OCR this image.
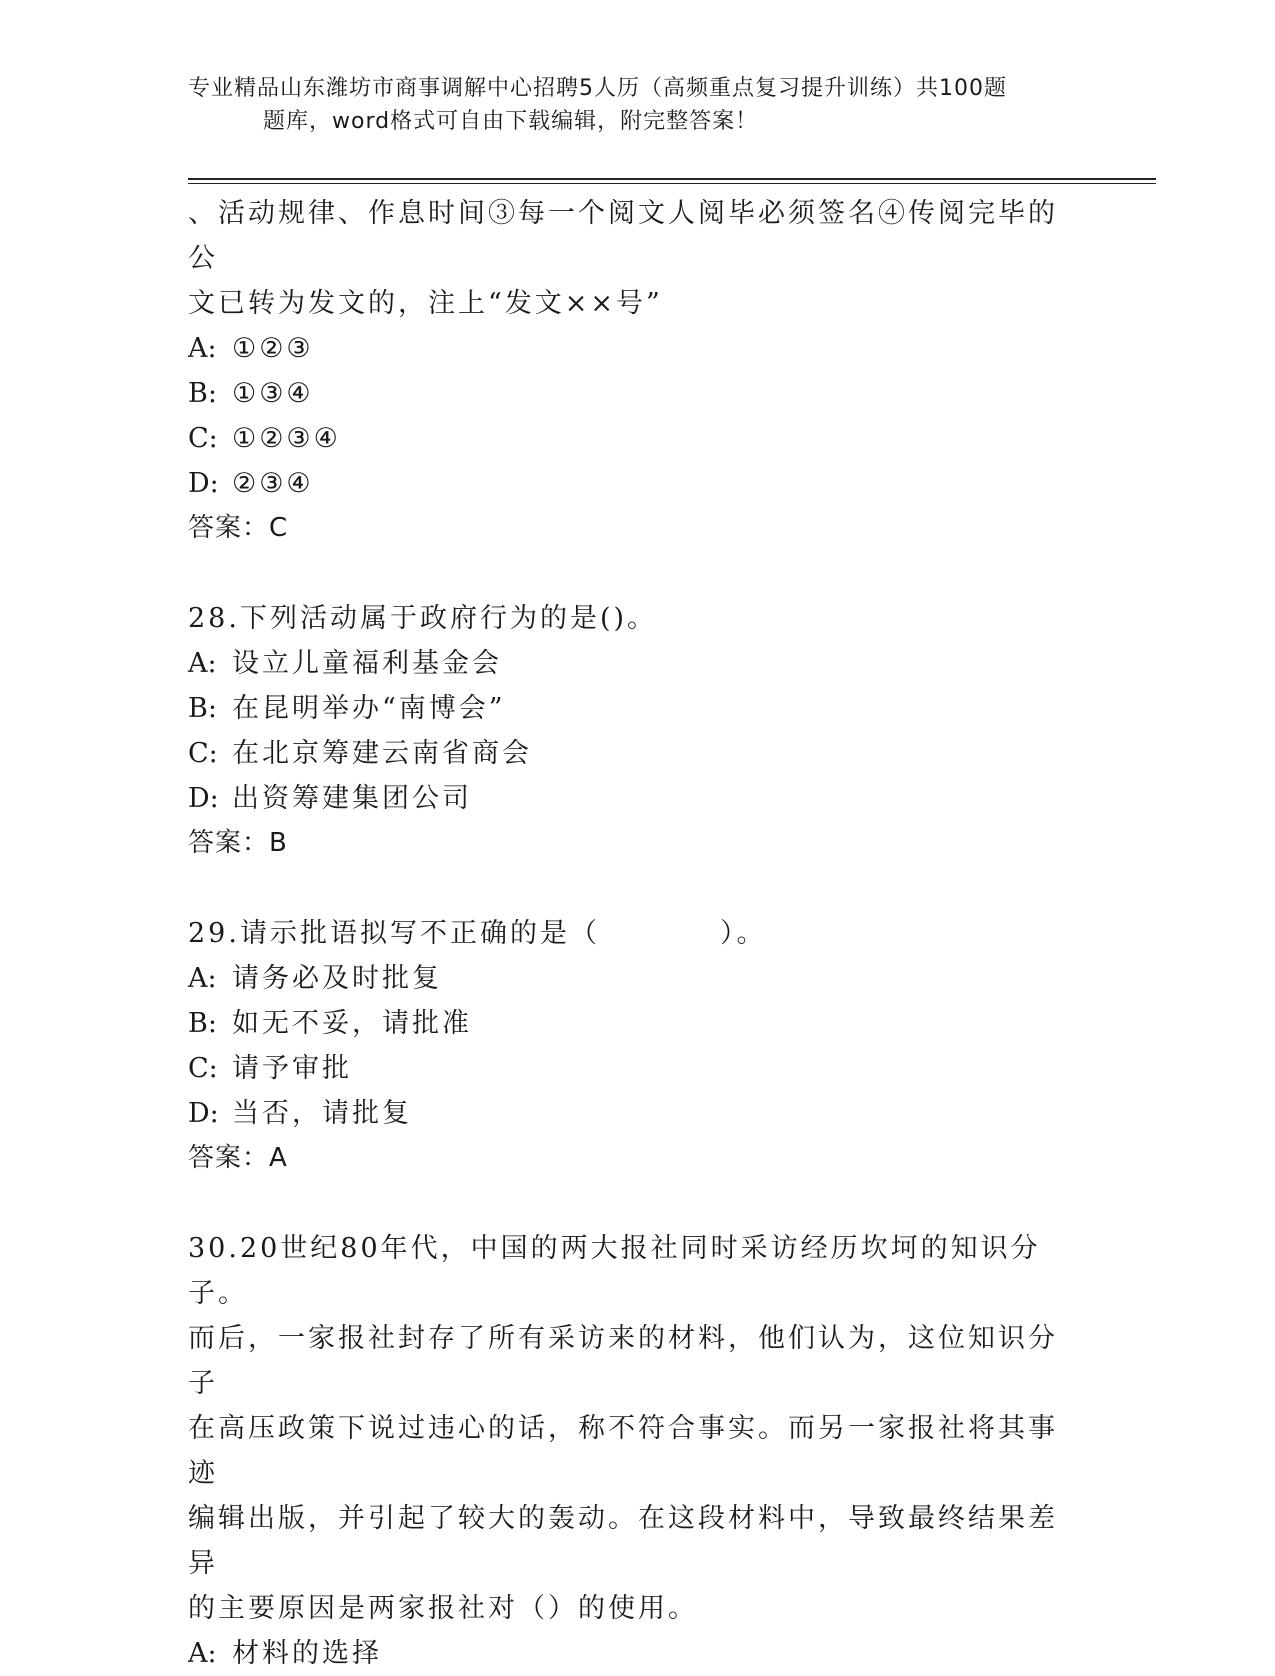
专业精品山东潍坊市商事调解中心招聘5人历（高频重点复习提升训练）共100题
题库，word格式可自由下载编辑，附完整答案！

、活动规律、作息时间③每一个阅文人阅毕必须签名④传阅完毕的公

文已转为发文的，注上“发文××号”

A: ①②③
B: ①③④
C: ①②③④
D: ②③④
答案：C

28.下列活动属于政府行为的是()。

A: 设立儿童福利基金会
B: 在昆明举办“南博会”
C: 在北京筹建云南省商会
D: 出资筹建集团公司
答案：B

29.请示批语拟写不正确的是（	）。

A: 请务必及时批复
B: 如无不妥，请批准
C: 请予审批
D: 当否，请批复
答案：A

30.20世纪80年代，中国的两大报社同时采访经历坎坷的知识分子。

而后，一家报社封存了所有采访来的材料，他们认为，这位知识分子

在高压政策下说过违心的话，称不符合事实。而另一家报社将其事迹

编辑出版，并引起了较大的轰动。在这段材料中，导致最终结果差异

的主要原因是两家报社对（）的使用。

A: 材料的选择
